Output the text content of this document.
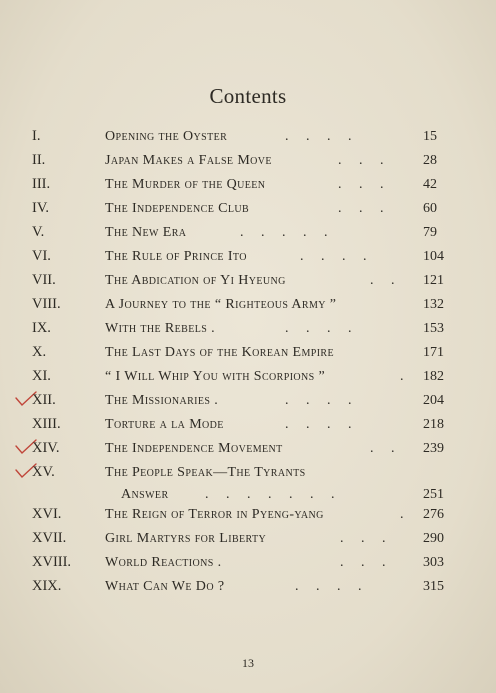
Contents
I.	Opening the Oyster	.     .     .     .	15
II.	Japan Makes a False Move	.     .     .	28
III.	The Murder of the Queen	.     .     .	42
IV.	The Independence Club	.     .     .	60
V.	The New Era	.     .     .     .     .	79
VI.	The Rule of Prince Ito	.     .     .     .	104
VII.	The Abdication of Yi Hyeung	.     . 121
VIII.	A Journey to the “ Righteous Army ”	132
IX.	With the Rebels .	.     .     .     .	153
X.	The Last Days of the Korean Empire	171
XI.	“ I Will Whip You with Scorpions ”	. 182
XII.	The Missionaries .	.     .     .     .	204
XIII.	Torture a la Mode	.     .     .     .	218
XIV.	The Independence Movement	.     . 239
XV.	The People Speak—The Tyrants
Answer	.     .     .     .     .     .     .	251
XVI.	The Reign of Terror in Pyeng-yang	. 276
XVII.	Girl Martyrs for Liberty	.     .     .	290
XVIII. World Reactions .	.     .     .	303
XIX.	What Can We Do ?	.     .     .     .	315
13
